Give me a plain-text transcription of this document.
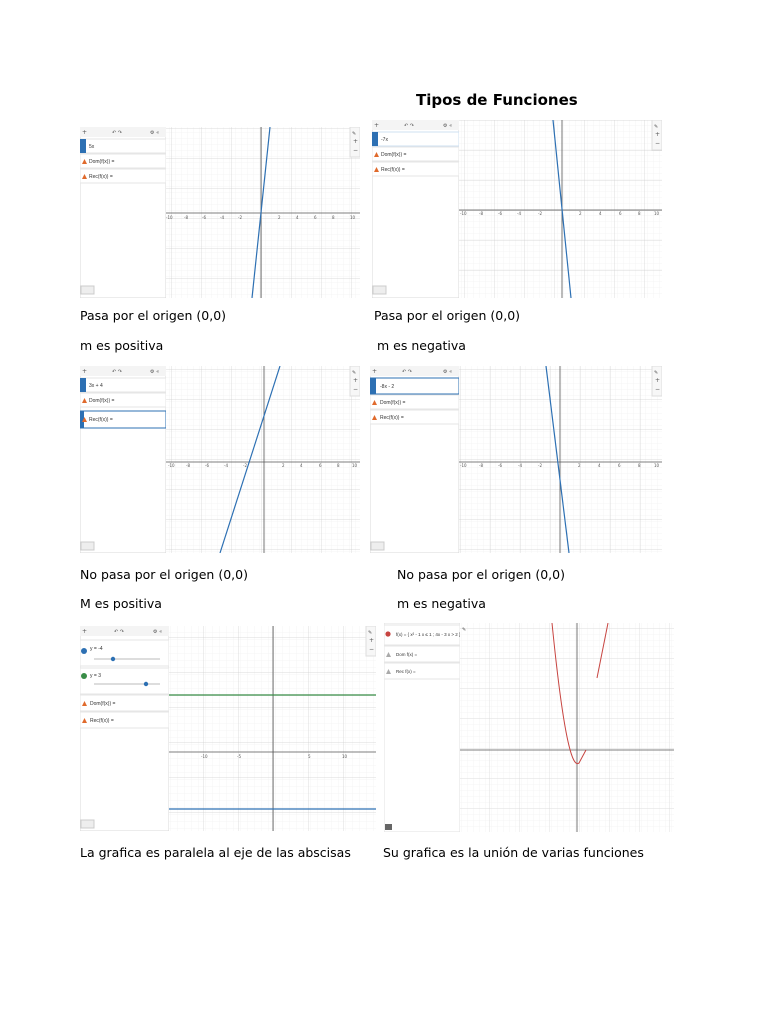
Tipos de Funciones
+	↶ ↷	⚙ «
5x
Dom(f(x)) =
Rec(f(x)) =
-10	-8	-6	-4	-2	2	4	6	8	10
✎
+
−
+	↶ ↷	⚙ «
-7x
Dom(f(x)) =
Rec(f(x)) =
-10	-8	-6	-4	-2	2	4	6	8	10
✎
+
−
Pasa por el origen (0,0)
m es positiva
Pasa por el origen (0,0)
m es negativa
+	↶ ↷	⚙ «
3x + 4
Dom(f(x)) =
Rec(f(x)) =
-10	-8	-6	-4	-2	2	4	6	8	10
✎
+
−
+	↶ ↷	⚙ «
-8x - 2
Dom(f(x)) =
Rec(f(x)) =
-10	-8	-6	-4	-2	2	4	6	8	10
✎
+
−
No pasa por el origen (0,0)
M es positiva
No pasa por el origen (0,0)
m es negativa
+	↶ ↷	⚙ «
y = -4
y = 3
Dom(f(x)) =
Rec(f(x)) =
-10	-5	5	10
✎
+
−
f(x) = { x² - 1 x ≤ 1 ; 4x - 3 x > 2 }
Dom f(x) =
Rec f(x) =
✎
La grafica es paralela al eje de las abscisas	Su grafica es la unión de varias funciones
